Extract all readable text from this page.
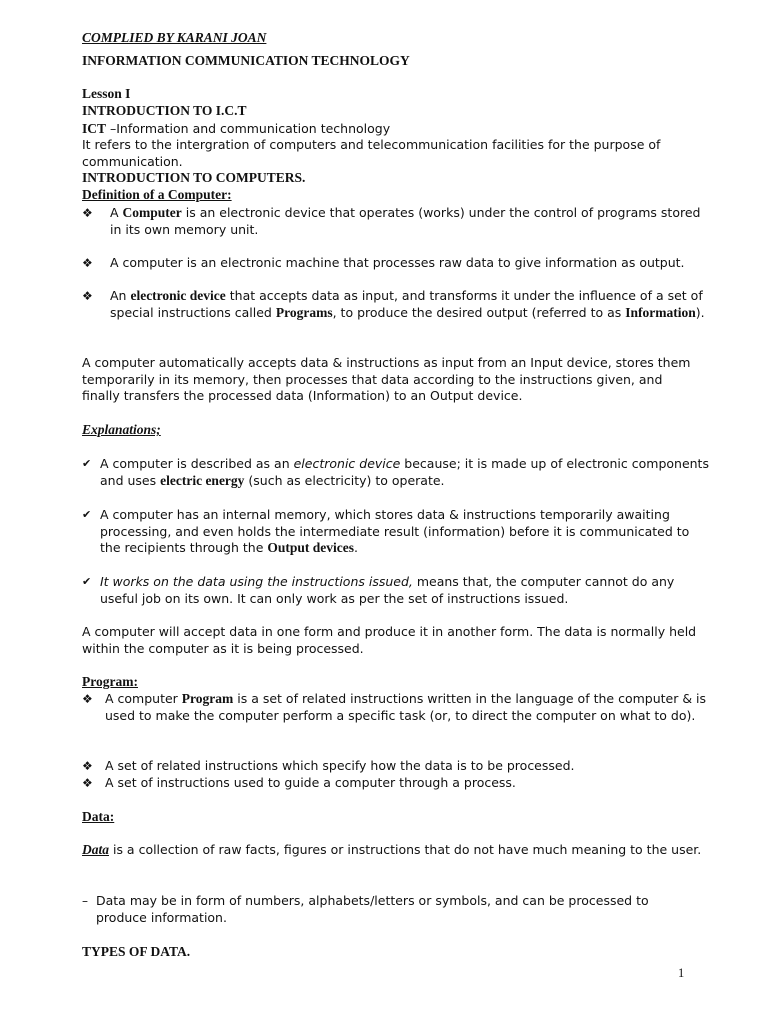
COMPLIED BY KARANI JOAN
INFORMATION COMMUNICATION TECHNOLOGY
Lesson I
INTRODUCTION TO I.C.T
ICT –Information and communication technology
It refers to the intergration of computers and telecommunication facilities for the purpose of communication.
INTRODUCTION TO COMPUTERS.
Definition of a Computer:
❖ A Computer is an electronic device that operates (works) under the control of programs stored in its own memory unit.
❖ A computer is an electronic machine that processes raw data to give information as output.
❖ An electronic device that accepts data as input, and transforms it under the influence of a set of special instructions called Programs, to produce the desired output (referred to as Information).
A computer automatically accepts data & instructions as input from an Input device, stores them temporarily in its memory, then processes that data according to the instructions given, and finally transfers the processed data (Information) to an Output device.
Explanations;
✔ A computer is described as an electronic device because; it is made up of electronic components and uses electric energy (such as electricity) to operate.
✔ A computer has an internal memory, which stores data & instructions temporarily awaiting processing, and even holds the intermediate result (information) before it is communicated to the recipients through the Output devices.
✔ It works on the data using the instructions issued, means that, the computer cannot do any useful job on its own. It can only work as per the set of instructions issued.
A computer will accept data in one form and produce it in another form. The data is normally held within the computer as it is being processed.
Program:
❖ A computer Program is a set of related instructions written in the language of the computer & is used to make the computer perform a specific task (or, to direct the computer on what to do).
❖ A set of related instructions which specify how the data is to be processed.
❖ A set of instructions used to guide a computer through a process.
Data:
Data is a collection of raw facts, figures or instructions that do not have much meaning to the user.
– Data may be in form of numbers, alphabets/letters or symbols, and can be processed to produce information.
TYPES OF DATA.
1
